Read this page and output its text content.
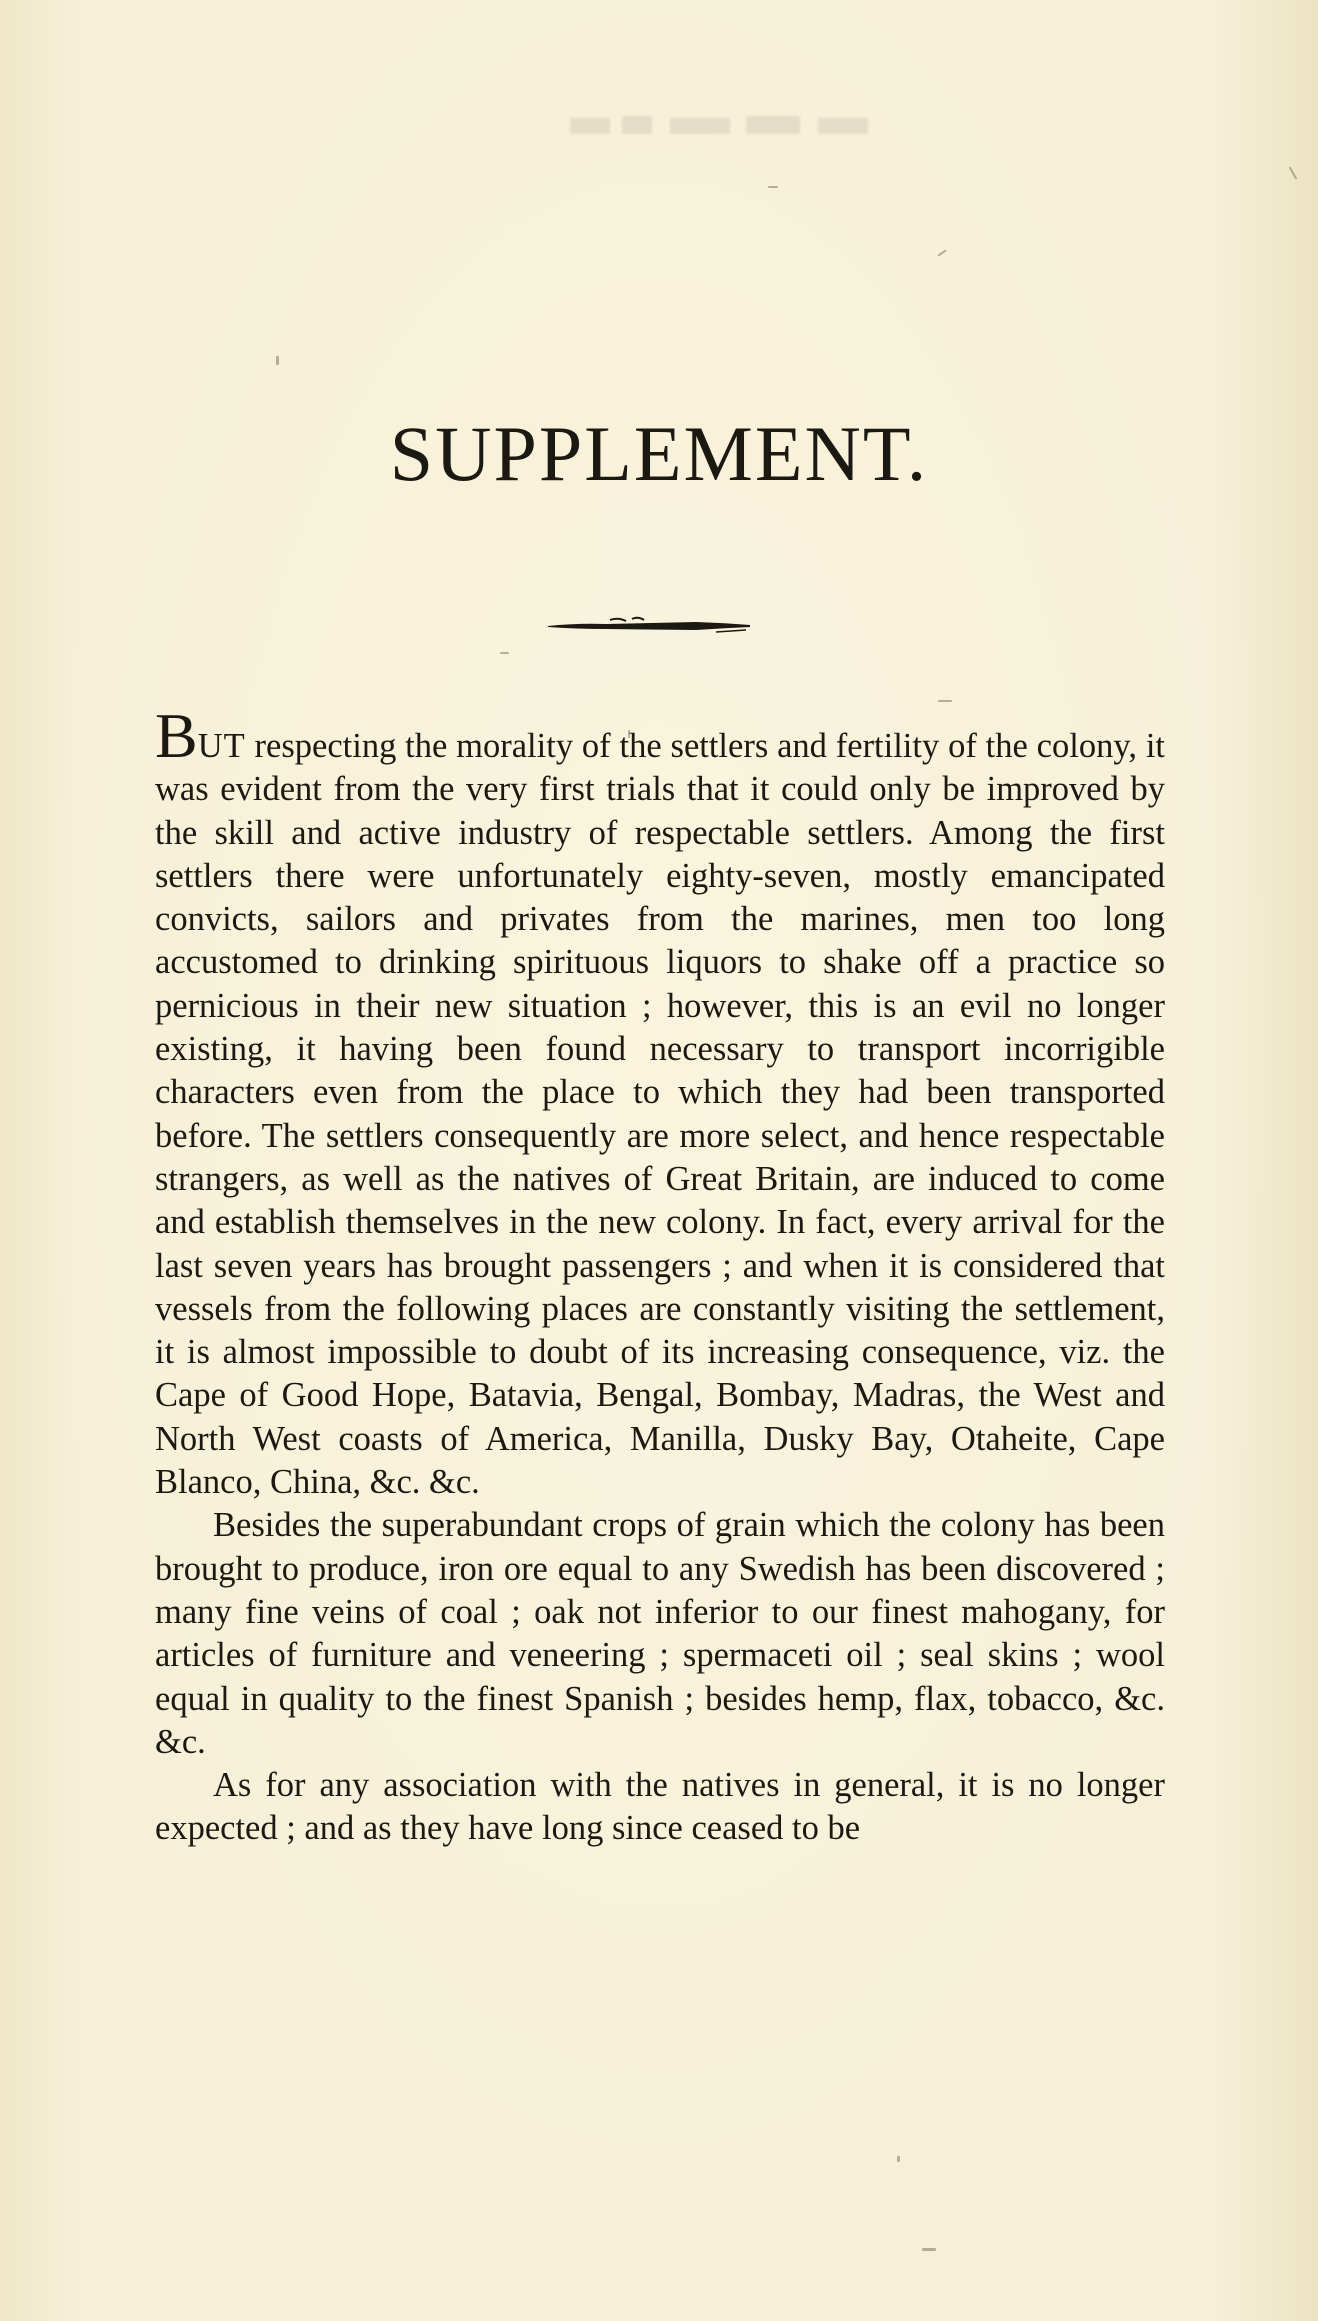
SUPPLEMENT.

BUT respecting the morality of the settlers and fertility of the colony, it was evident from the very first trials that it could only be improved by the skill and active industry of respectable settlers. Among the first settlers there were unfortunately eighty-seven, mostly emancipated convicts, sailors and privates from the marines, men too long accustomed to drinking spirituous liquors to shake off a practice so pernicious in their new situation ; however, this is an evil no longer existing, it having been found necessary to transport incorrigible characters even from the place to which they had been transported before. The settlers consequently are more select, and hence respectable strangers, as well as the natives of Great Britain, are induced to come and establish themselves in the new colony. In fact, every arrival for the last seven years has brought passengers ; and when it is considered that vessels from the following places are constantly visiting the settlement, it is almost impossible to doubt of its increasing consequence, viz. the Cape of Good Hope, Batavia, Bengal, Bombay, Madras, the West and North West coasts of America, Manilla, Dusky Bay, Otaheite, Cape Blanco, China, &c. &c.

Besides the superabundant crops of grain which the colony has been brought to produce, iron ore equal to any Swedish has been discovered ; many fine veins of coal ; oak not inferior to our finest mahogany, for articles of furniture and veneering ; spermaceti oil ; seal skins ; wool equal in quality to the finest Spanish ; besides hemp, flax, tobacco, &c. &c.

As for any association with the natives in general, it is no longer expected ; and as they have long since ceased to be
